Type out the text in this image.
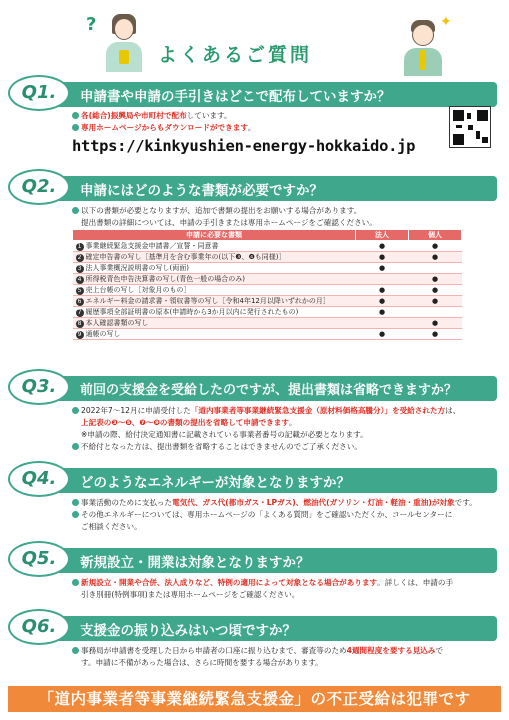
?
よくあるご質問
✦
Q1.	申請書や申請の手引きはどこで配布していますか？
各(総合)振興局や市町村で配布しています。
専用ホームページからもダウンロードができます。
https://kinkyushien-energy-hokkaido.jp
Q2.	申請にはどのような書類が必要ですか？
以下の書類が必要となりますが、追加で書類の提出をお願いする場合があります。
提出書類の詳細については、申請の手引きまたは専用ホームページをご確認ください。
申請に必要な書類	法人	個人
1 事業継続緊急支援金申請書／宣誓・同意書	●	●
2 確定申告書の写し［基準月を含む事業年の(以下❸、❹も同様)］	●	●
3 法人事業概況説明書の写し(両面)	●	
4 所得税青色申告決算書の写し(青色一般の場合のみ)		●
5 売上台帳の写し［対象月のもの］	●	●
6 エネルギー料金の請求書・領収書等の写し［令和4年12月以降いずれかの月］	●	●
7 履歴事項全部証明書の原本(申請時から3か月以内に発行されたもの)	●	
8 本人確認書類の写し		●
9 通帳の写し	●	●
Q3.	前回の支援金を受給したのですが、提出書類は省略できますか？
2022年7～12月に申請受付した「道内事業者等事業継続緊急支援金（原材料価格高騰分）」を受給された方は、
上記表の❸～❺、❼～❾の書類の提出を省略して申請できます。
※申請の際、給付決定通知書に記載されている事業者番号の記載が必要となります。
不給付となった方は、提出書類を省略することはできませんのでご了承ください。
Q4.	どのようなエネルギーが対象となりますか？
事業活動のために支払った電気代、ガス代(都市ガス・LPガス)、燃油代(ガソリン・灯油・軽油・重油)が対象です。
その他エネルギーについては、専用ホームページの「よくある質問」をご確認いただくか、コールセンターに
ご相談ください。
Q5.	新規設立・開業は対象となりますか？
新規設立・開業や合併、法人成りなど、特例の適用によって対象となる場合があります。詳しくは、申請の手
引き別冊(特例事項)または専用ホームページをご確認ください。
Q6.	支援金の振り込みはいつ頃ですか？
事務局が申請書を受理した日から申請者の口座に振り込むまで、審査等のため4週間程度を要する見込みで
す。申請に不備があった場合は、さらに時間を要する場合があります。
「道内事業者等事業継続緊急支援金」の不正受給は犯罪です
